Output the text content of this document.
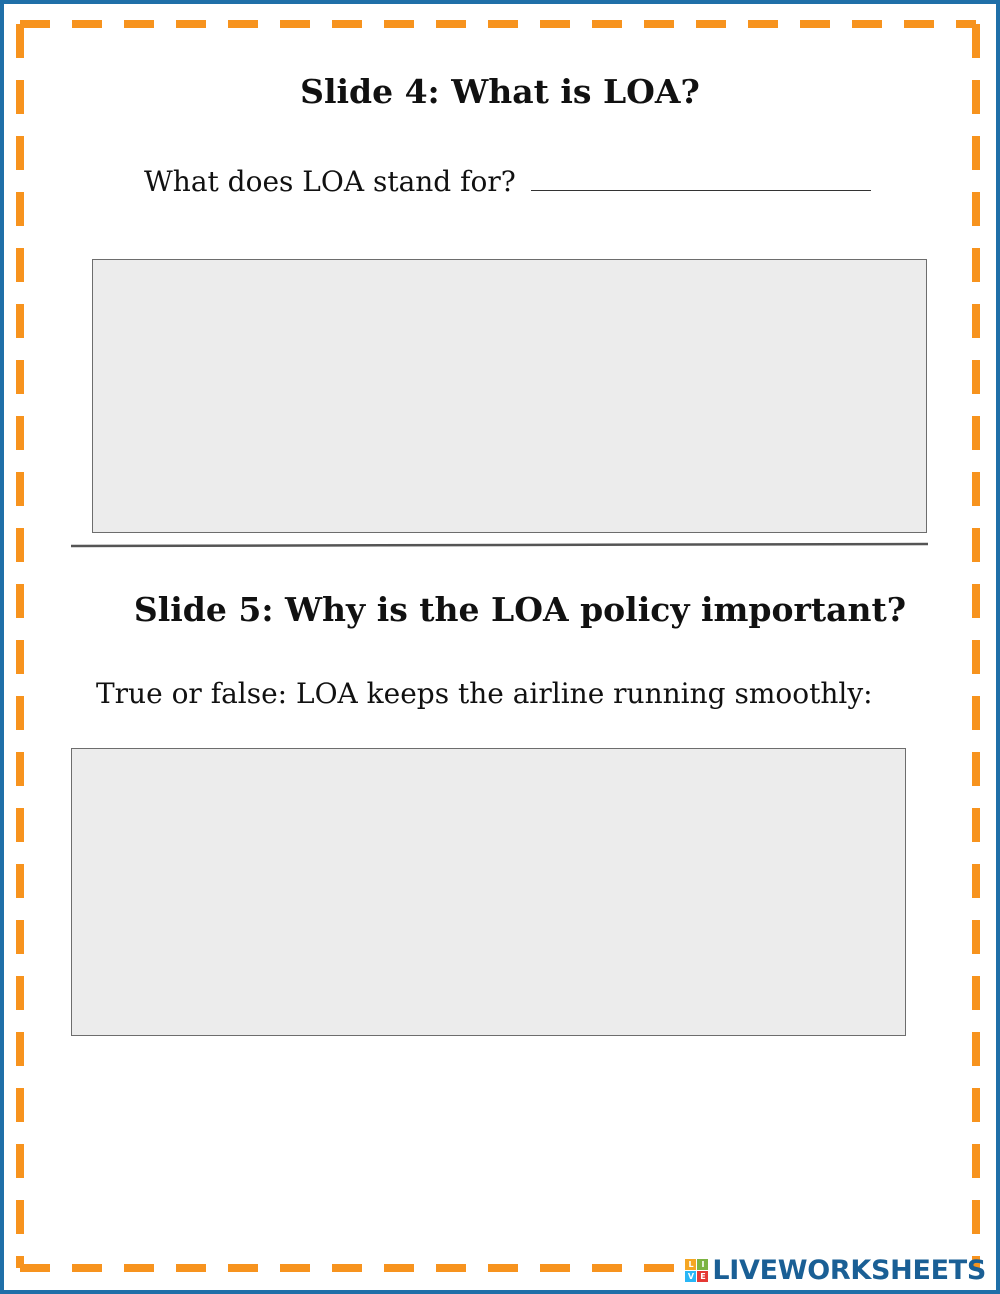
Slide 4: What is LOA?
What does LOA stand for?
Slide 5: Why is the LOA policy important?
True or false: LOA keeps the airline running smoothly:
L	I
V E LIVEWORKSHEETS
